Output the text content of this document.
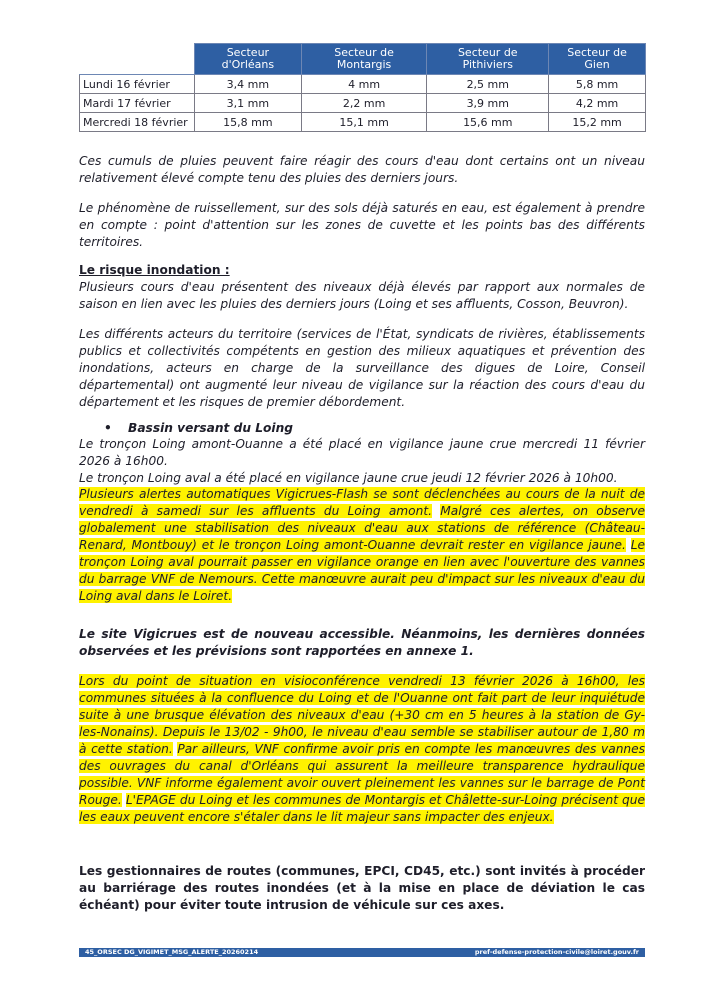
	Secteur d'Orléans	Secteur de Montargis	Secteur de Pithiviers	Secteur de Gien
Lundi 16 février	3,4 mm	4 mm	2,5 mm	5,8 mm
Mardi 17 février	3,1 mm	2,2 mm	3,9 mm	4,2 mm
Mercredi 18 février	15,8 mm	15,1 mm	15,6 mm	15,2 mm

Ces cumuls de pluies peuvent faire réagir des cours d'eau dont certains ont un niveau relativement élevé compte tenu des pluies des derniers jours.

Le phénomène de ruissellement, sur des sols déjà saturés en eau, est également à prendre en compte : point d'attention sur les zones de cuvette et les points bas des différents territoires.

Le risque inondation :

Plusieurs cours d'eau présentent des niveaux déjà élevés par rapport aux normales de saison en lien avec les pluies des derniers jours (Loing et ses affluents, Cosson, Beuvron).

Les différents acteurs du territoire (services de l'État, syndicats de rivières, établissements publics et collectivités compétents en gestion des milieux aquatiques et prévention des inondations, acteurs en charge de la surveillance des digues de Loire, Conseil départemental) ont augmenté leur niveau de vigilance sur la réaction des cours d'eau du département et les risques de premier débordement.

• Bassin versant du Loing

Le tronçon Loing amont-Ouanne a été placé en vigilance jaune crue mercredi 11 février 2026 à 16h00.

Le tronçon Loing aval a été placé en vigilance jaune crue jeudi 12 février 2026 à 10h00.

Plusieurs alertes automatiques Vigicrues-Flash se sont déclenchées au cours de la nuit de vendredi à samedi sur les affluents du Loing amont. Malgré ces alertes, on observe globalement une stabilisation des niveaux d'eau aux stations de référence (Château-Renard, Montbouy) et le tronçon Loing amont-Ouanne devrait rester en vigilance jaune. Le tronçon Loing aval pourrait passer en vigilance orange en lien avec l'ouverture des vannes du barrage VNF de Nemours. Cette manœuvre aurait peu d'impact sur les niveaux d'eau du Loing aval dans le Loiret.

Le site Vigicrues est de nouveau accessible. Néanmoins, les dernières données observées et les prévisions sont rapportées en annexe 1.

Lors du point de situation en visioconférence vendredi 13 février 2026 à 16h00, les communes situées à la confluence du Loing et de l'Ouanne ont fait part de leur inquiétude suite à une brusque élévation des niveaux d'eau (+30 cm en 5 heures à la station de Gy-les-Nonains). Depuis le 13/02 - 9h00, le niveau d'eau semble se stabiliser autour de 1,80 m à cette station. Par ailleurs, VNF confirme avoir pris en compte les manœuvres des vannes des ouvrages du canal d'Orléans qui assurent la meilleure transparence hydraulique possible. VNF informe également avoir ouvert pleinement les vannes sur le barrage de Pont Rouge. L'EPAGE du Loing et les communes de Montargis et Châlette-sur-Loing précisent que les eaux peuvent encore s'étaler dans le lit majeur sans impacter des enjeux.

Les gestionnaires de routes (communes, EPCI, CD45, etc.) sont invités à procéder au barriérage des routes inondées (et à la mise en place de déviation le cas échéant) pour éviter toute intrusion de véhicule sur ces axes.

45_ORSEC DG_VIGIMET_MSG_ALERTE_20260214	pref-defense-protection-civile@loiret.gouv.fr
